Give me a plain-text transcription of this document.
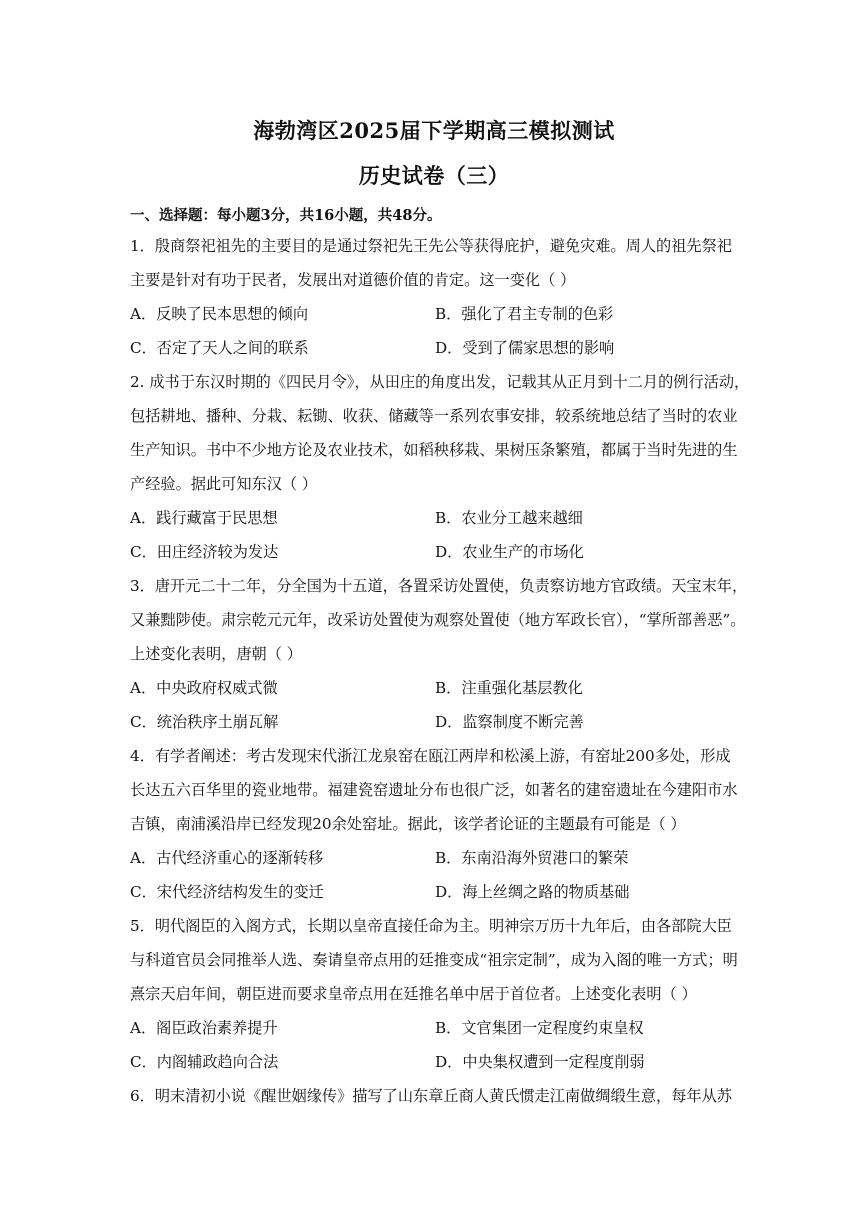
海勃湾区2025届下学期高三模拟测试
历史试卷（三）
一、选择题：每小题3分，共16小题，共48分。
1．殷商祭祀祖先的主要目的是通过祭祀先王先公等获得庇护，避免灾难。周人的祖先祭祀
主要是针对有功于民者，发展出对道德价值的肯定。这一变化（ ）
A．反映了民本思想的倾向	B．强化了君主专制的色彩
C．否定了天人之间的联系	D．受到了儒家思想的影响
2. 成书于东汉时期的《四民月令》，从田庄的角度出发，记载其从正月到十二月的例行活动，
包括耕地、播种、分栽、耘锄、收获、储藏等一系列农事安排，较系统地总结了当时的农业
生产知识。书中不少地方论及农业技术，如稻秧移栽、果树压条繁殖，都属于当时先进的生
产经验。据此可知东汉（ ）
A．践行藏富于民思想	B．农业分工越来越细
C．田庄经济较为发达	D．农业生产的市场化
3．唐开元二十二年，分全国为十五道，各置采访处置使，负责察访地方官政绩。天宝末年，
又兼黜陟使。肃宗乾元元年，改采访处置使为观察处置使（地方军政长官），“掌所部善恶”。
上述变化表明，唐朝（ ）
A．中央政府权威式微	B．注重强化基层教化
C．统治秩序土崩瓦解	D．监察制度不断完善
4．有学者阐述：考古发现宋代浙江龙泉窑在瓯江两岸和松溪上游，有窑址200多处，形成
长达五六百华里的瓷业地带。福建瓷窑遗址分布也很广泛，如著名的建窑遗址在今建阳市水
吉镇，南浦溪沿岸已经发现20余处窑址。据此，该学者论证的主题最有可能是（ ）
A．古代经济重心的逐渐转移	B．东南沿海外贸港口的繁荣
C．宋代经济结构发生的变迁	D．海上丝绸之路的物质基础
5．明代阁臣的入阁方式，长期以皇帝直接任命为主。明神宗万历十九年后，由各部院大臣
与科道官员会同推举人选、奏请皇帝点用的廷推变成“祖宗定制”，成为入阁的唯一方式；明
熹宗天启年间，朝臣进而要求皇帝点用在廷推名单中居于首位者。上述变化表明（ ）
A．阁臣政治素养提升	B．文官集团一定程度约束皇权
C．内阁辅政趋向合法	D．中央集权遭到一定程度削弱
6．明末清初小说《醒世姻缘传》描写了山东章丘商人黄氏惯走江南做绸缎生意，每年从苏
